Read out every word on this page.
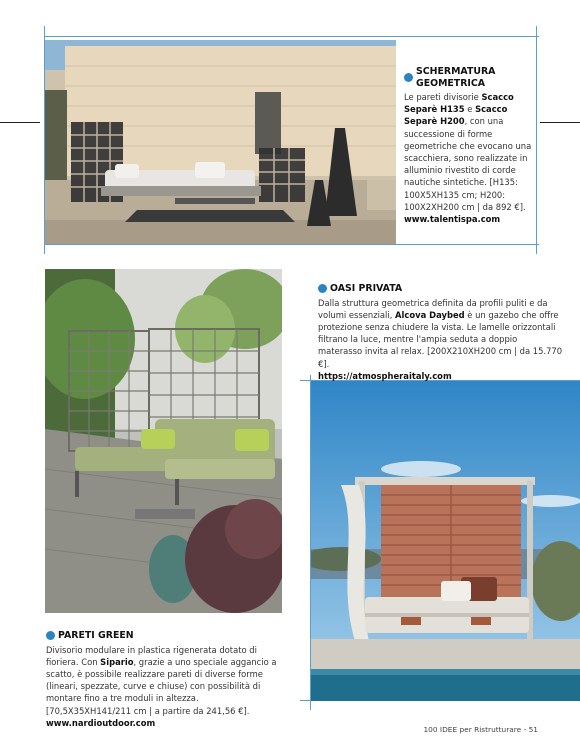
SCHERMATURA
GEOMETRICA
Le pareti divisorie Scacco Separè H135 e Scacco Separè H200, con una successione di forme geometriche che evocano una scacchiera, sono realizzate in alluminio rivestito di corde nautiche sintetiche. [H135: 100X5XH135 cm; H200: 100X2XH200 cm | da 892 €].
www.talentispa.com
OASI PRIVATA
Dalla struttura geometrica definita da profili puliti e da volumi essenziali, Alcova Daybed è un gazebo che offre protezione senza chiudere la vista. Le lamelle orizzontali filtrano la luce, mentre l'ampia seduta a doppio materasso invita al relax. [200X210XH200 cm | da 15.770 €].
https://atmospheraitaly.com
PARETI GREEN
Divisorio modulare in plastica rigenerata dotato di fioriera. Con Sipario, grazie a uno speciale aggancio a scatto, è possibile realizzare pareti di diverse forme (lineari, spezzate, curve e chiuse) con possibilità di montare fino a tre moduli in altezza. [70,5X35XH141/211 cm | a partire da 241,56 €].
www.nardioutdoor.com
100 IDEE per Ristrutturare - 51
